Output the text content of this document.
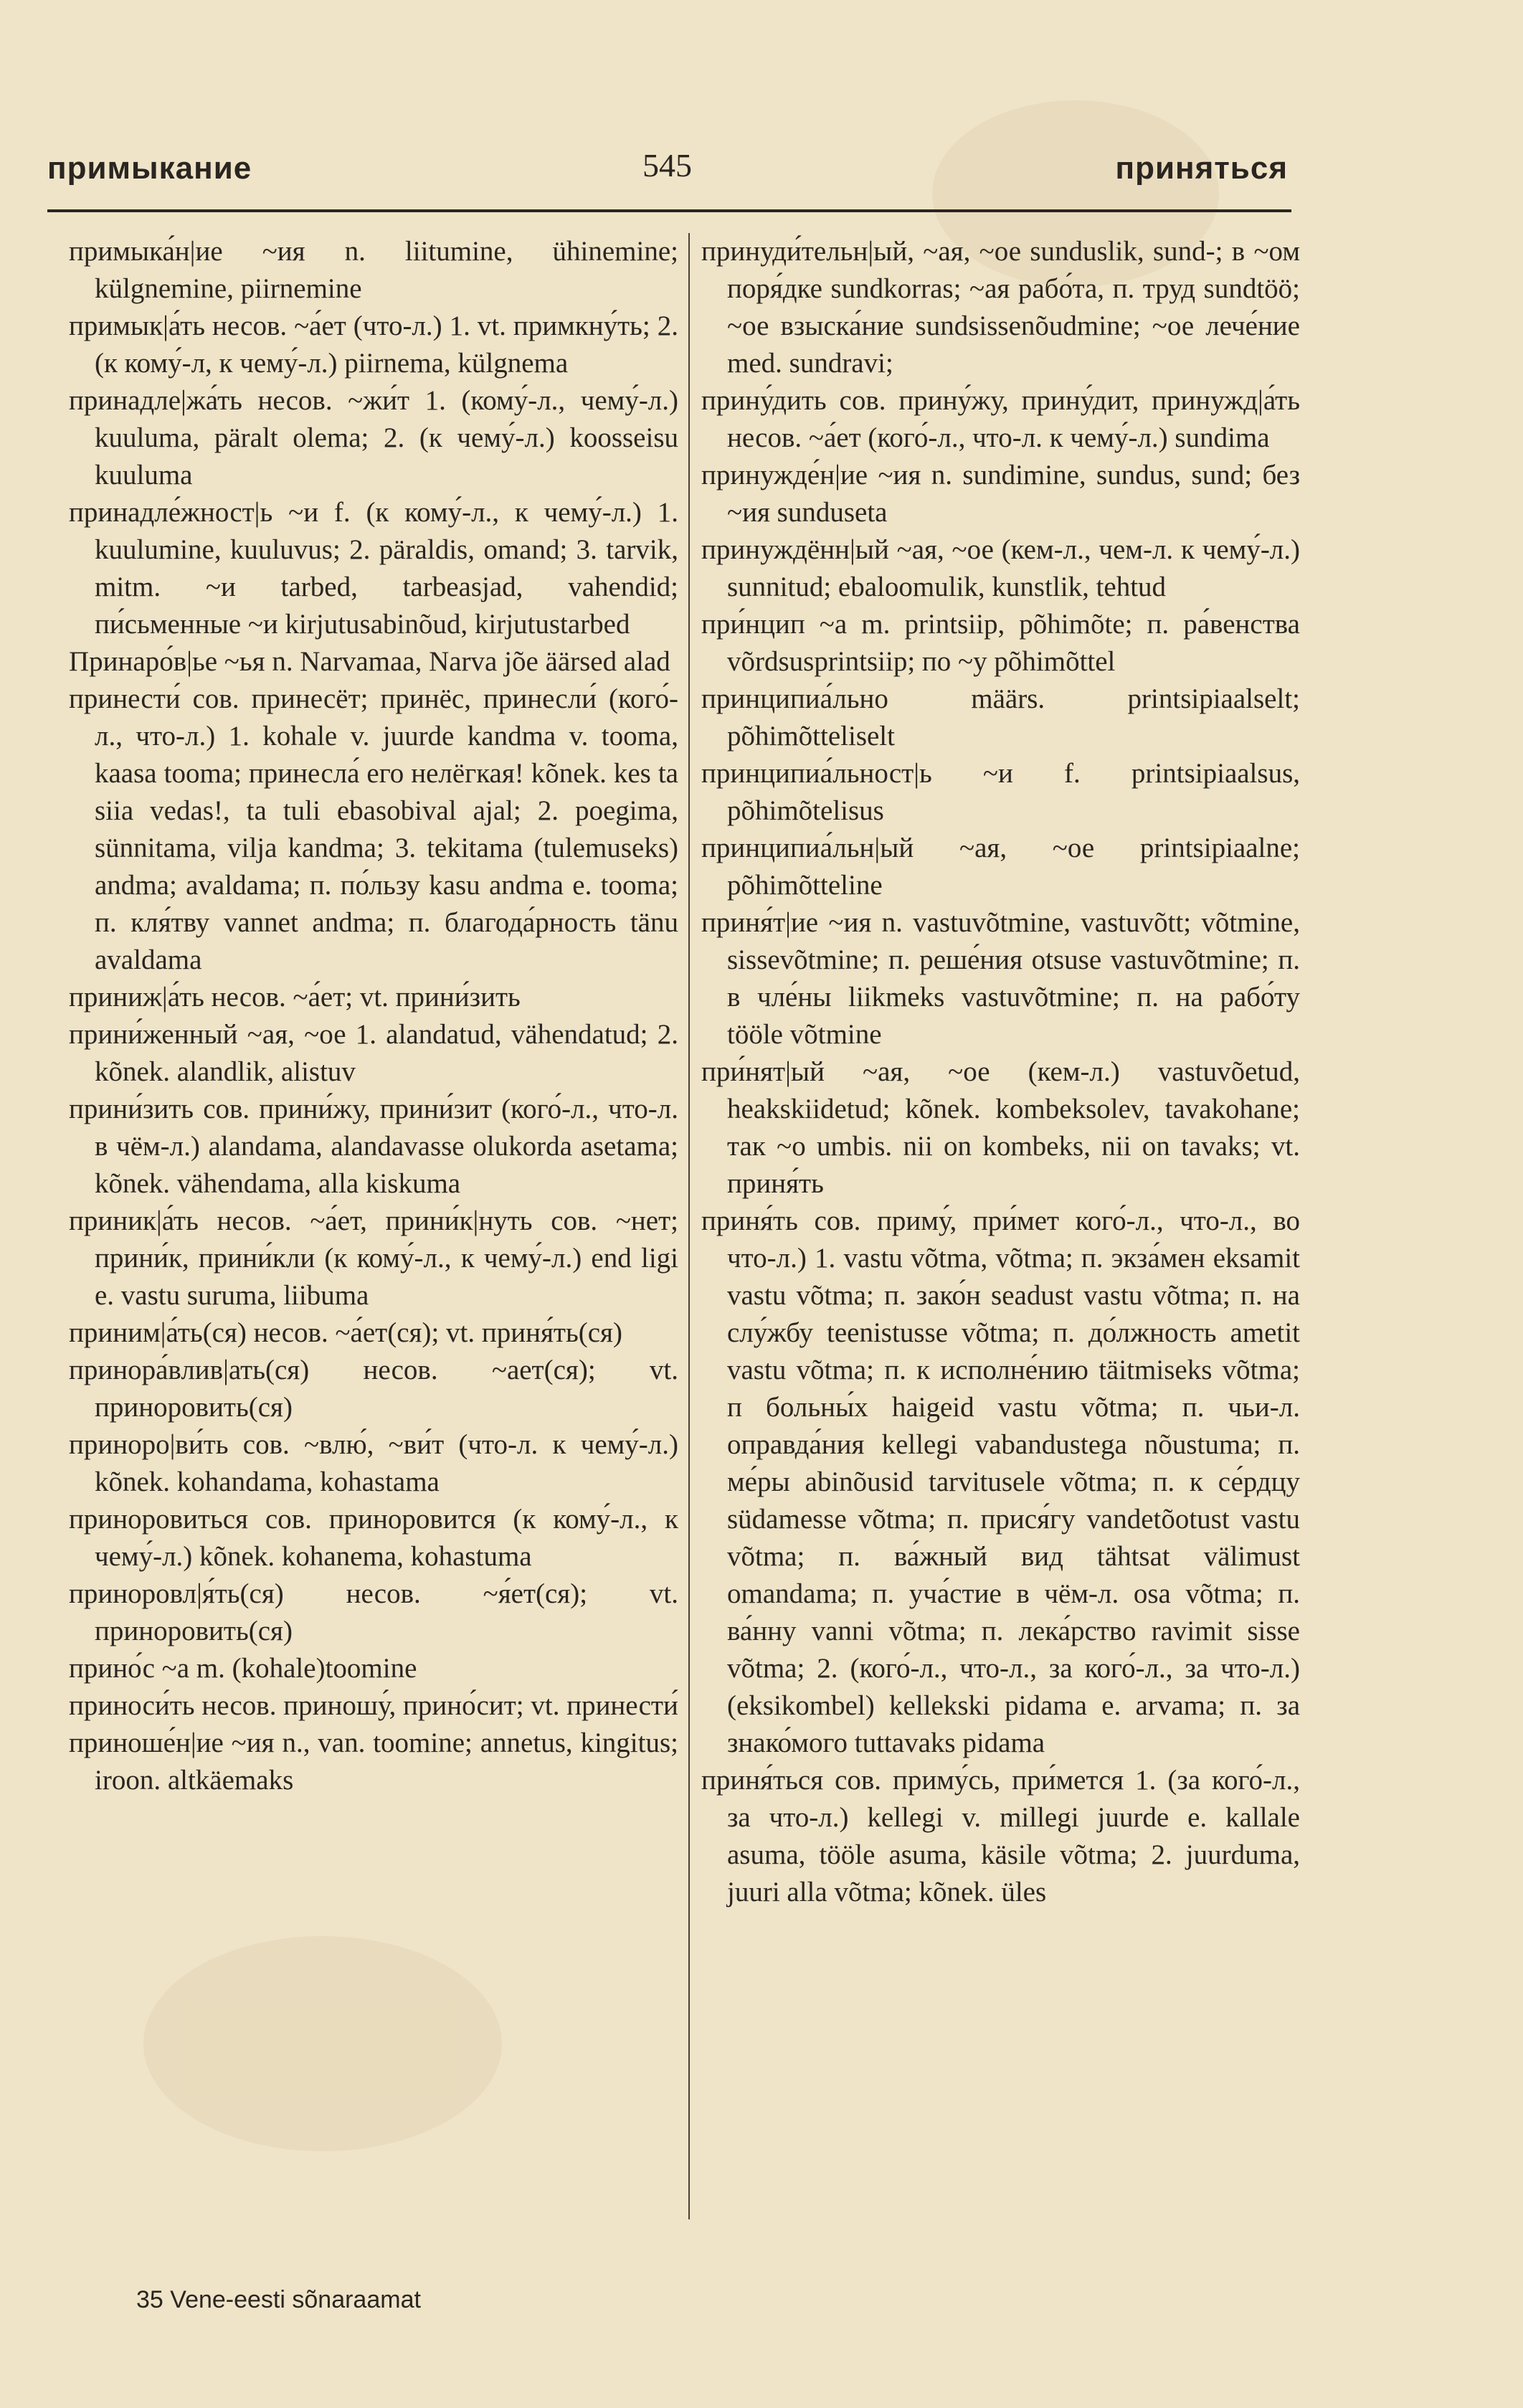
примыкание	545	приняться

примыка́н|ие ~ия n. liitumine, ühinemine; külgnemine, piirnemine

примык|а́ть несов. ~а́ет (что-л.) 1. vt. примкну́ть; 2. (к кому́-л, к чему́-л.) piirnema, külgnema

принадле|жа́ть несов. ~жи́т 1. (кому́-л., чему́-л.) kuuluma, päralt olema; 2. (к чему́-л.) koosseisu kuuluma

принадле́жност|ь ~и f. (к кому́-л., к чему́-л.) 1. kuulumine, kuuluvus; 2. päraldis, omand; 3. tarvik, mitm. ~и tarbed, tarbeasjad, vahendid; пи́сьменные ~и kirjutusabinõud, kirjutustarbed

Принаро́в|ье ~ья n. Narvamaa, Narva jõe äärsed alad

принести́ сов. принесёт; принёс, принесли́ (кого́-л., что-л.) 1. kohale v. juurde kandma v. tooma, kaasa tooma; принесла́ его нелёгкая! kõnek. kes ta siia vedas!, ta tuli ebasobival ajal; 2. poegima, sünnitama, vilja kandma; 3. tekitama (tulemuseks) andma; avaldama; п. по́льзу kasu andma e. tooma; п. кля́тву vannet andma; п. благода́рность tänu avaldama

приниж|а́ть несов. ~а́ет; vt. прини́зить

прини́женный ~ая, ~ое 1. alandatud, vähendatud; 2. kõnek. alandlik, alistuv

прини́зить сов. прини́жу, прини́зит (кого́-л., что-л. в чём-л.) alandama, alandavasse olukorda asetama; kõnek. vähendama, alla kiskuma

приник|а́ть несов. ~а́ет, прини́к|нуть сов. ~нет; прини́к, прини́кли (к кому́-л., к чему́-л.) end ligi e. vastu suruma, liibuma

приним|а́ть(ся) несов. ~а́ет(ся); vt. приня́ть(ся)

принора́влив|ать(ся) несов. ~ает(ся); vt. приноровить(ся)

приноро|ви́ть сов. ~влю́, ~ви́т (что-л. к чему́-л.) kõnek. kohandama, kohastama

приноровиться сов. приноровится (к кому́-л., к чему́-л.) kõnek. kohanema, kohastuma

приноровл|я́ть(ся) несов. ~я́ет(ся); vt. приноровить(ся)

прино́с ~а m. (kohale)toomine

приноси́ть несов. приношу́, прино́сит; vt. принести́

приноше́н|ие ~ия n., van. toomine; annetus, kingitus; iroon. altkäemaks

принуди́тельн|ый, ~ая, ~ое sunduslik, sund-; в ~ом поря́дке sundkorras; ~ая рабо́та, п. труд sundtöö; ~ое взыска́ние sundsissenõudmine; ~ое лече́ние med. sundravi;

прину́дить сов. прину́жу, прину́дит, принужд|а́ть несов. ~а́ет (кого́-л., что-л. к чему́-л.) sundima

принужде́н|ие ~ия n. sundimine, sundus, sund; без ~ия sunduseta

принуждённ|ый ~ая, ~ое (кем-л., чем-л. к чему́-л.) sunnitud; ebaloomulik, kunstlik, tehtud

при́нцип ~а m. printsiip, põhimõte; п. ра́венства võrdsusprintsiip; по ~у põhimõttel

принципиа́льно määrs. printsipiaalselt; põhimõtteliselt

принципиа́льност|ь ~и f. printsipiaalsus, põhimõtelisus

принципиа́льн|ый ~ая, ~ое printsipiaalne; põhimõtteline

приня́т|ие ~ия n. vastuvõtmine, vastuvõtt; võtmine, sissevõtmine; п. реше́ния otsuse vastuvõtmine; п. в чле́ны liikmeks vastuvõtmine; п. на рабо́ту tööle võtmine

при́нят|ый ~ая, ~ое (кем-л.) vastuvõetud, heakskiidetud; kõnek. kombeksolev, tavakohane; так ~о umbis. nii on kombeks, nii on tavaks; vt. приня́ть

приня́ть сов. приму́, при́мет кого́-л., что-л., во что-л.) 1. vastu võtma, võtma; п. экза́мен eksamit vastu võtma; п. зако́н seadust vastu võtma; п. на слу́жбу teenistusse võtma; п. до́лжность ametit vastu võtma; п. к исполне́нию täitmiseks võtma; п больны́х haigeid vastu võtma; п. чьи-л. оправда́ния kellegi vabandustega nõustuma; п. ме́ры abinõusid tarvitusele võtma; п. к се́рдцу südamesse võtma; п. прися́гу vandetõotust vastu võtma; п. ва́жный вид tähtsat välimust omandama; п. уча́стие в чём-л. osa võtma; п. ва́нну vanni võtma; п. лека́рство ravimit sisse võtma; 2. (кого́-л., что-л., за кого́-л., за что-л.) (eksikombel) kellekski pidama e. arvama; п. за знако́мого tuttavaks pidama

приня́ться сов. приму́сь, при́мется 1. (за кого́-л., за что-л.) kellegi v. millegi juurde e. kallale asuma, tööle asuma, käsile võtma; 2. juurduma, juuri alla võtma; kõnek. üles

35 Vene-eesti sõnaraamat
